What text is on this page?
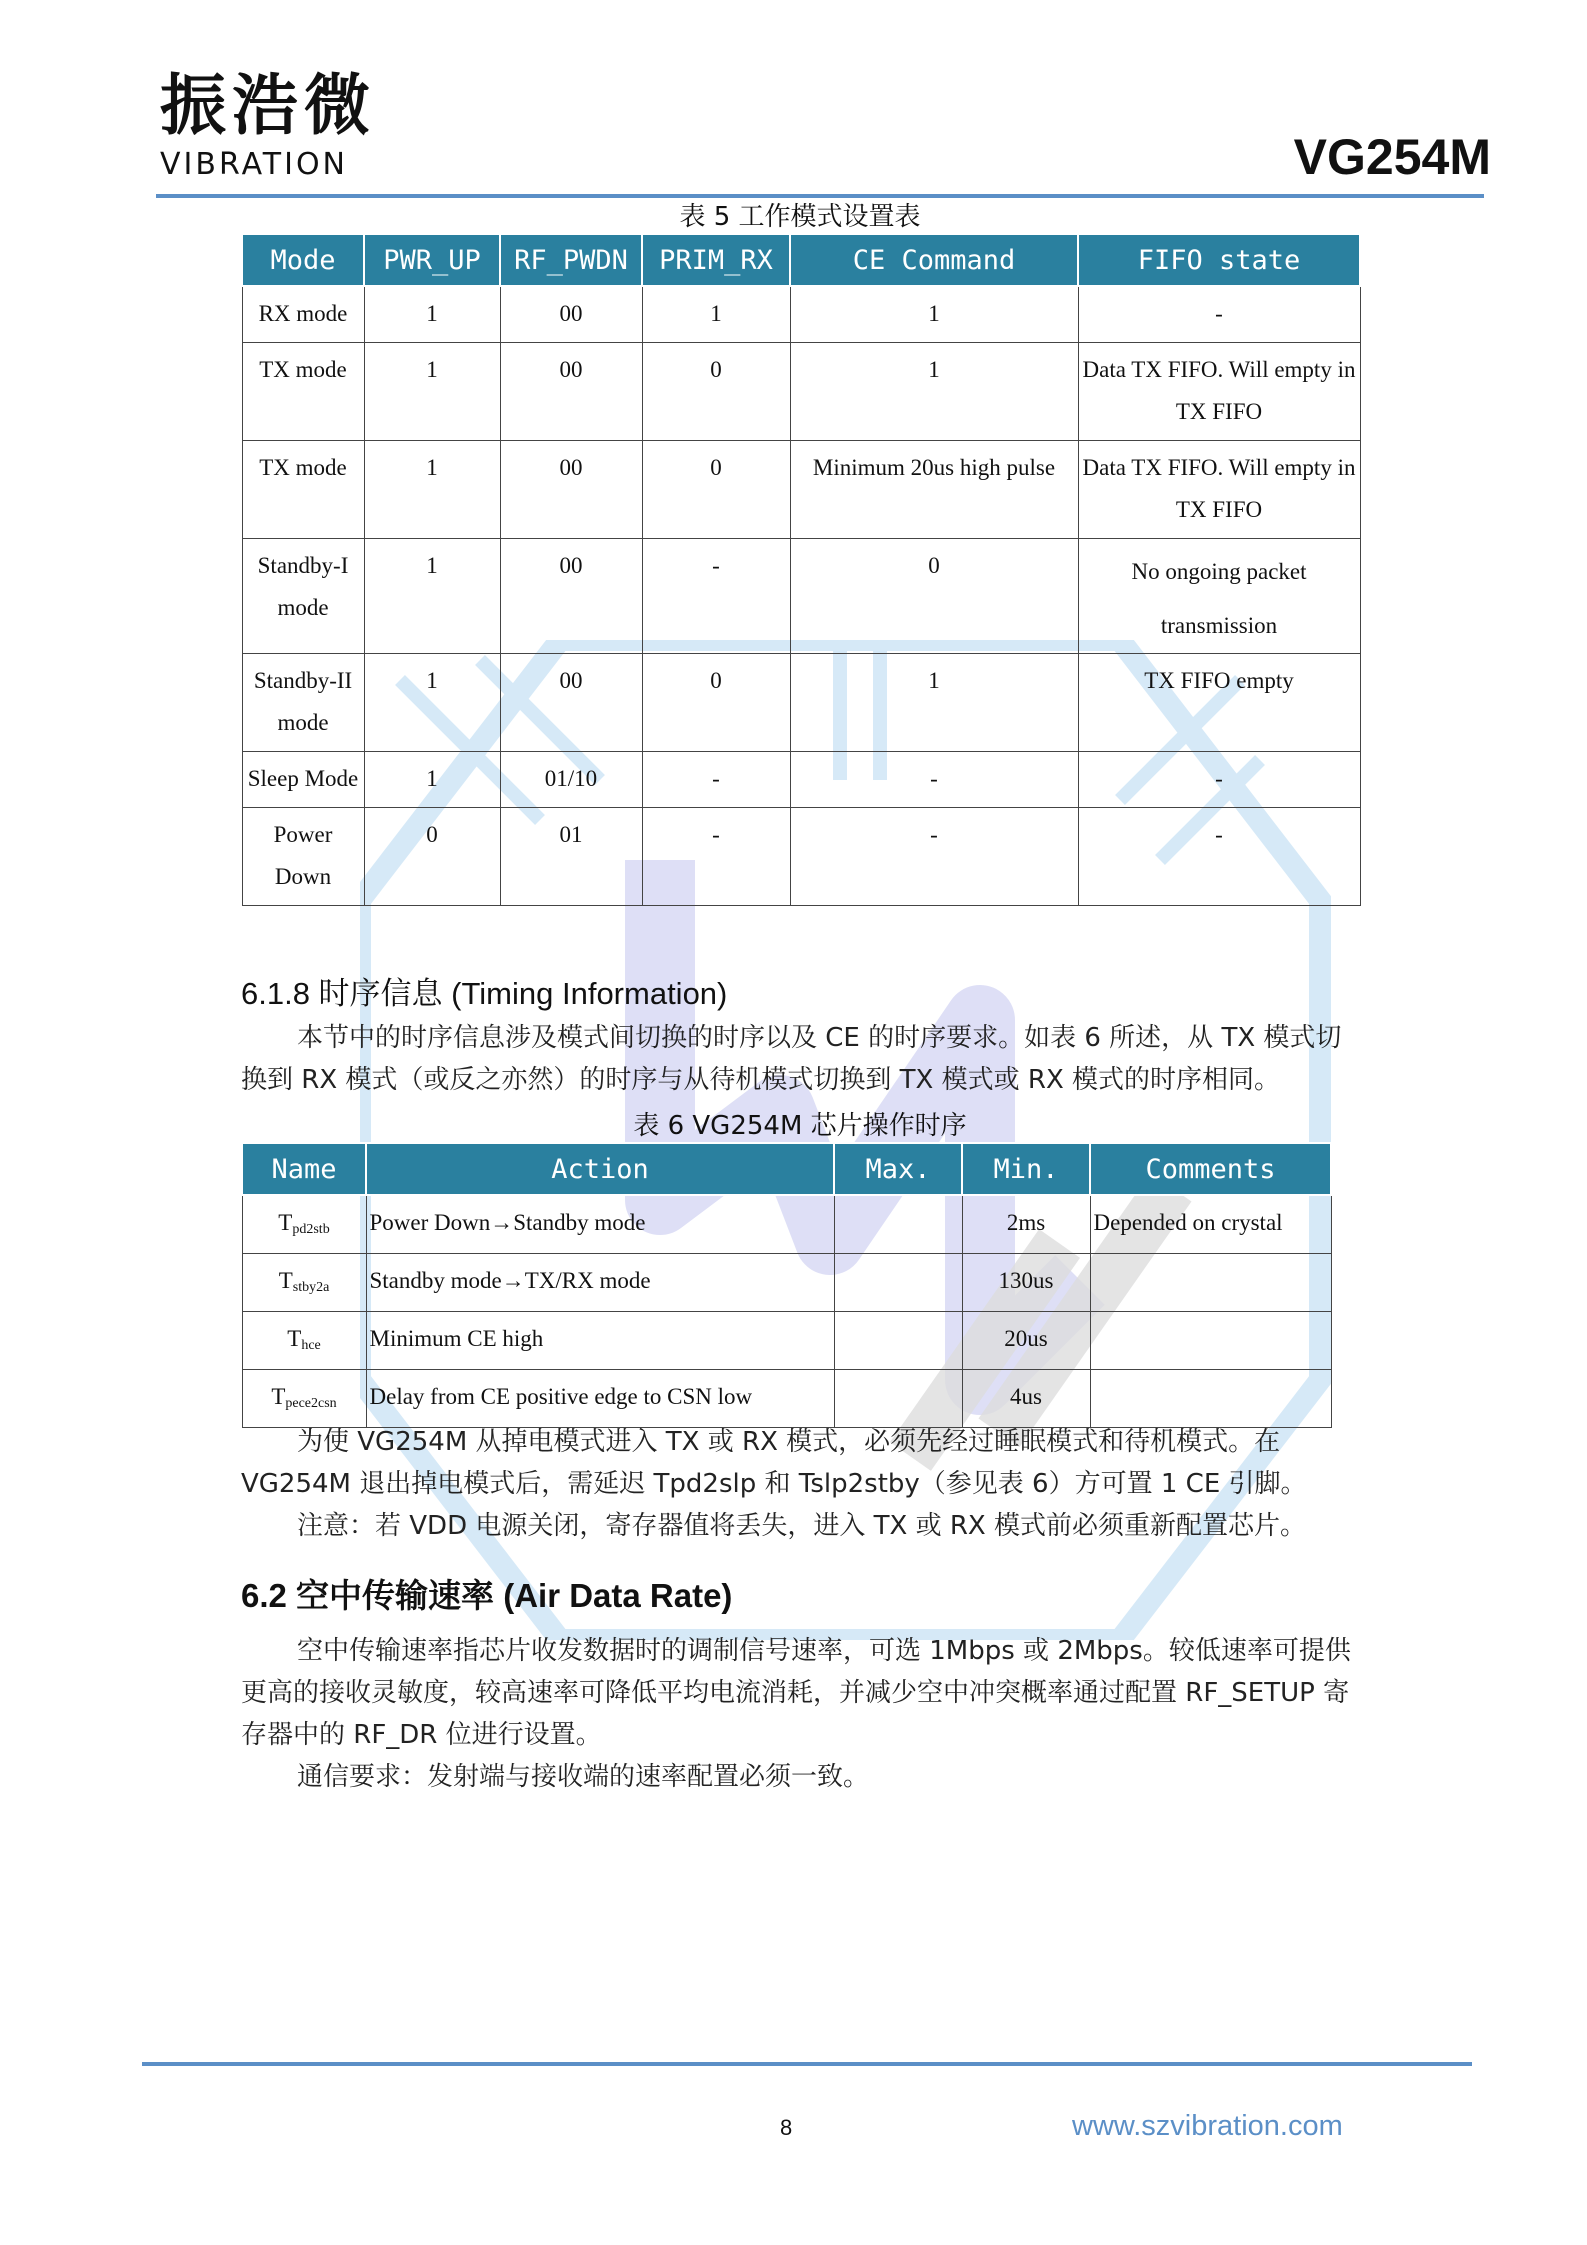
振浩微
VIBRATION	VG254M
表 5 工作模式设置表
Mode	PWR_UP	RF_PWDN	PRIM_RX	CE Command	FIFO state
RX mode	1	00	1	1	-
TX mode	1	00	0	1	Data TX FIFO. Will empty in TX FIFO
TX mode	1	00	0	Minimum 20us high pulse	Data TX FIFO. Will empty in TX FIFO
Standby-I mode	1	00	-	0	No ongoing packet transmission
Standby-II mode	1	00	0	1	TX FIFO empty
Sleep Mode	1	01/10	-	-	-
Power Down	0	01	-	-	-
6.1.8 时序信息 (Timing Information)
本节中的时序信息涉及模式间切换的时序以及 CE 的时序要求。如表 6 所述，从 TX 模式切换到 RX 模式（或反之亦然）的时序与从待机模式切换到 TX 模式或 RX 模式的时序相同。
表 6 VG254M 芯片操作时序
Name	Action	Max.	Min.	Comments
$T_{pd2stb}$	Power Down→Standby mode		2ms	Depended on crystal
$T_{stby2a}$	Standby mode→TX/RX mode		130us	
$T_{hce}$	Minimum CE high		20us	
$T_{pece2csn}$	Delay from CE positive edge to CSN low		4us	
为使 VG254M 从掉电模式进入 TX 或 RX 模式，必须先经过睡眠模式和待机模式。在 VG254M 退出掉电模式后，需延迟 Tpd2slp 和 Tslp2stby（参见表 6）方可置 1 CE 引脚。
注意：若 VDD 电源关闭，寄存器值将丢失，进入 TX 或 RX 模式前必须重新配置芯片。
6.2 空中传输速率 (Air Data Rate)
空中传输速率指芯片收发数据时的调制信号速率，可选 1Mbps 或 2Mbps。较低速率可提供更高的接收灵敏度，较高速率可降低平均电流消耗，并减少空中冲突概率通过配置 RF_SETUP 寄存器中的 RF_DR 位进行设置。
通信要求：发射端与接收端的速率配置必须一致。
8	www.szvibration.com
